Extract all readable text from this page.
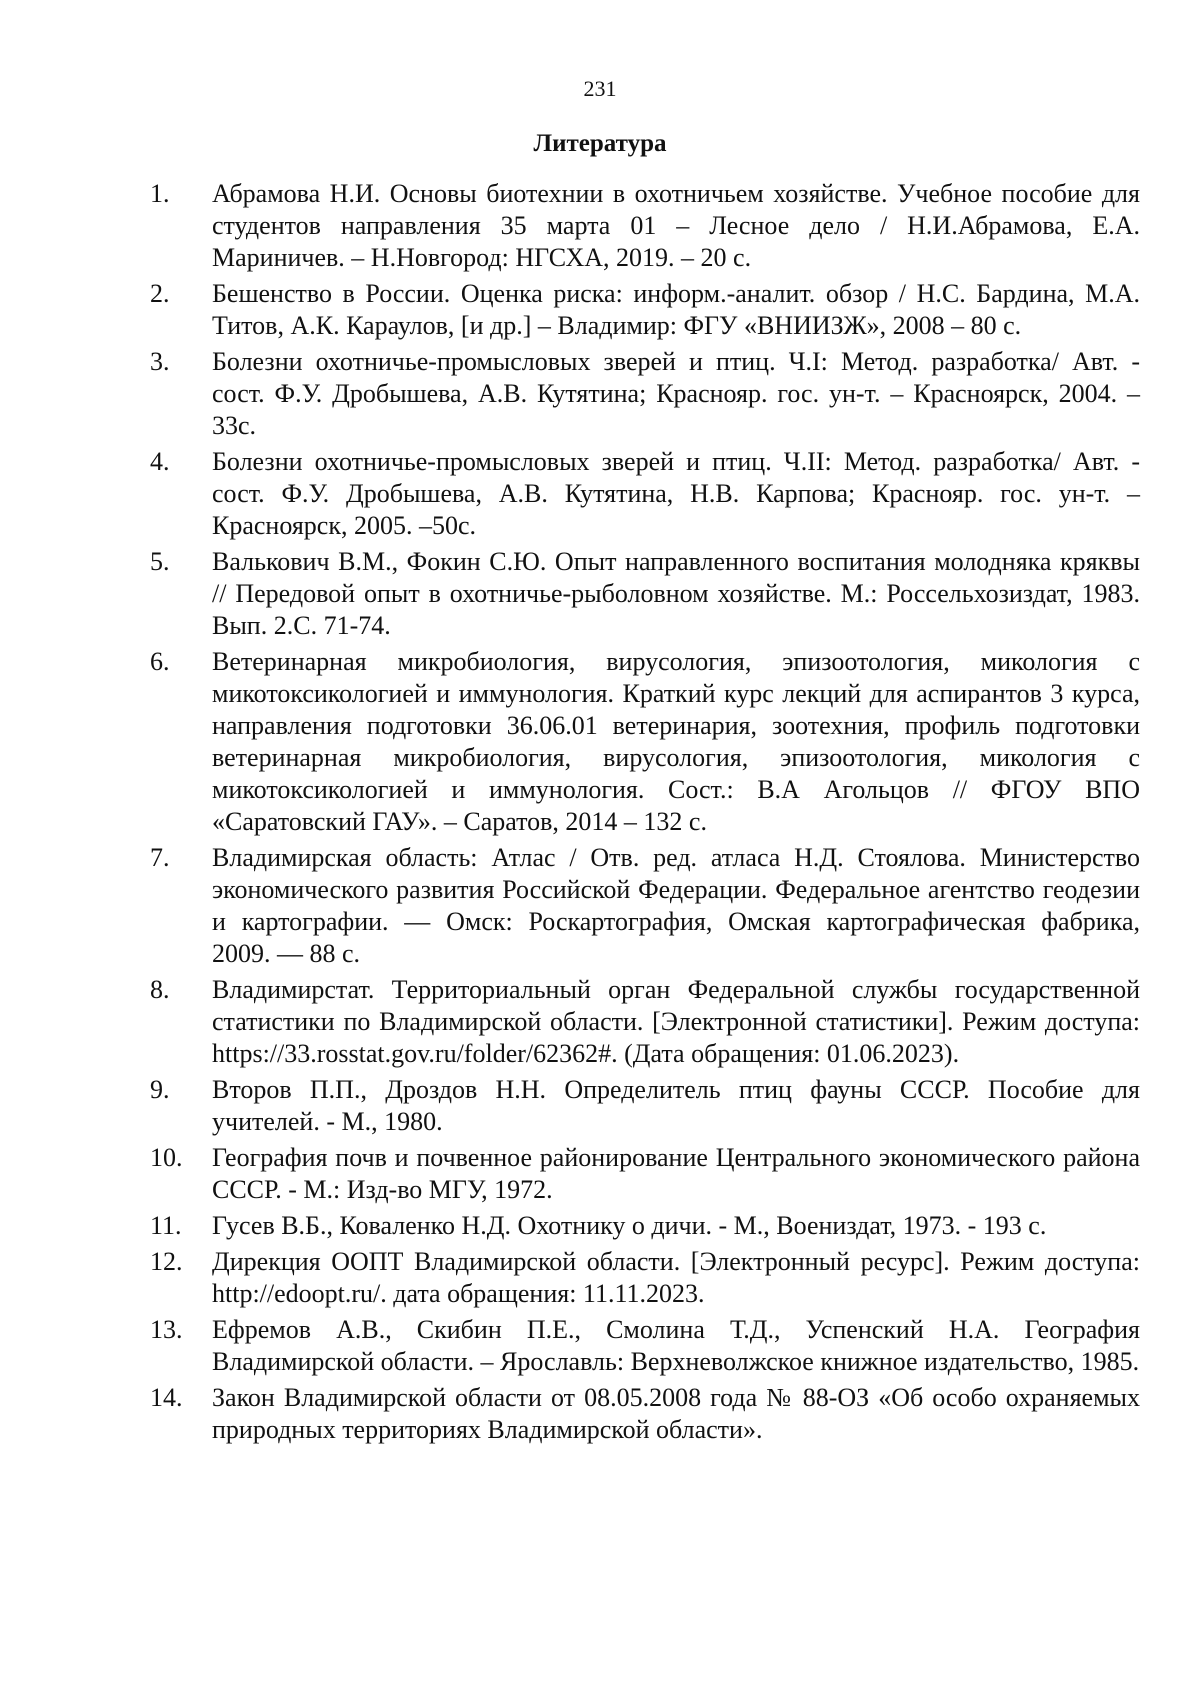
231
Литература
1.	Абрамова Н.И. Основы биотехнии в охотничьем хозяйстве. Учебное пособие для студентов направления 35 марта 01 – Лесное дело / Н.И.Абрамова, Е.А. Мариничев. – Н.Новгород: НГСХА, 2019. – 20 с.
2.	Бешенство в России. Оценка риска: информ.-аналит. обзор / Н.С. Бардина, М.А. Титов, А.К. Караулов, [и др.] – Владимир: ФГУ «ВНИИЗЖ», 2008 – 80 с.
3.	Болезни охотничье-промысловых зверей и птиц. Ч.I: Метод. разработка/ Авт. - сост. Ф.У. Дробышева, А.В. Кутятина; Краснояр. гос. ун-т. – Красноярск, 2004. –33с.
4.	Болезни охотничье-промысловых зверей и птиц. Ч.II: Метод. разработка/ Авт. - сост. Ф.У. Дробышева, А.В. Кутятина, Н.В. Карпова; Краснояр. гос. ун-т. – Красноярск, 2005. –50с.
5.	Валькович В.М., Фокин С.Ю. Опыт направленного воспитания молодняка кряквы // Передовой опыт в охотничье-рыболовном хозяйстве. М.: Россельхозиздат, 1983. Вып. 2.С. 71-74.
6.	Ветеринарная микробиология, вирусология, эпизоотология, микология с микотоксикологией и иммунология. Краткий курс лекций для аспирантов 3 курса, направления подготовки 36.06.01 ветеринария, зоотехния, профиль подготовки ветеринарная микробиология, вирусология, эпизоотология, микология с микотоксикологией и иммунология. Сост.: В.А Агольцов // ФГОУ ВПО «Саратовский ГАУ». – Саратов, 2014 – 132 с.
7.	Владимирская область: Атлас / Отв. ред. атласа Н.Д. Стоялова. Министерство экономического развития Российской Федерации. Федеральное агентство геодезии и картографии. — Омск: Роскартография, Омская картографическая фабрика, 2009. — 88 с.
8.	Владимирстат. Территориальный орган Федеральной службы государственной статистики по Владимирской области. [Электронной статистики]. Режим доступа: https://33.rosstat.gov.ru/folder/62362#. (Дата обращения: 01.06.2023).
9.	Второв П.П., Дроздов Н.Н. Определитель птиц фауны СССР. Пособие для учителей. - М., 1980.
10.	География почв и почвенное районирование Центрального экономического района СССР. - М.: Изд-во МГУ, 1972.
11.	Гусев В.Б., Коваленко Н.Д. Охотнику о дичи. - М., Воениздат, 1973. - 193 с.
12.	Дирекция ООПТ Владимирской области. [Электронный ресурс]. Режим доступа: http://edoopt.ru/. дата обращения: 11.11.2023.
13.	Ефремов А.В., Скибин П.Е., Смолина Т.Д., Успенский Н.А. География Владимирской области. – Ярославль: Верхневолжское книжное издательство, 1985.
14.	Закон Владимирской области от 08.05.2008 года № 88-ОЗ «Об особо охраняемых природных территориях Владимирской области».
